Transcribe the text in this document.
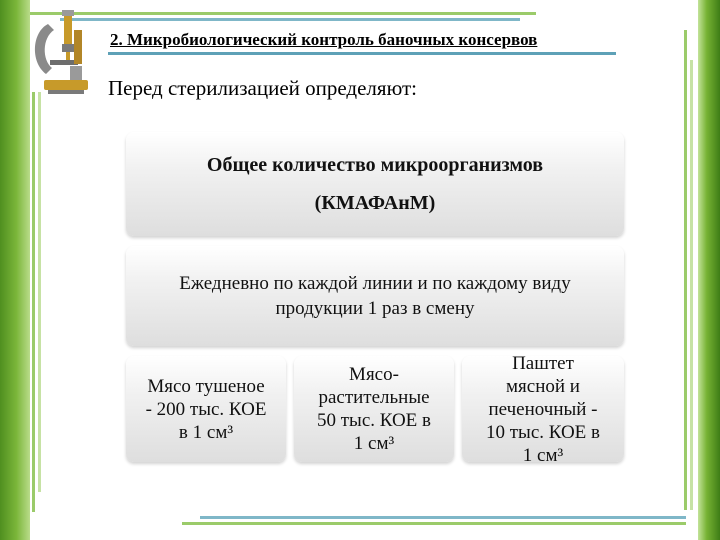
2. Микробиологический контроль баночных консервов
Перед стерилизацией определяют:
Общее количество микроорганизмов
(КМАФАнМ)
Ежедневно по каждой линии и по каждому виду
продукции 1 раз в смену
Мясо тушеное
- 200 тыс. КОЕ
в 1 см³
Мясо-
растительные
50 тыс. КОЕ в
1 см³
Паштет
мясной и
печеночный -
10 тыс. КОЕ в
1 см³
